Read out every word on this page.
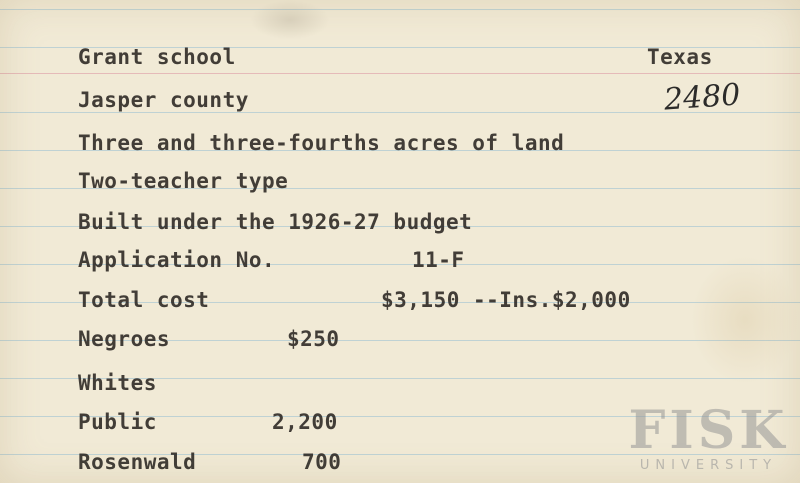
Grant school	Texas
Jasper county	2480
Three and three-fourths acres of land
Two-teacher type
Built under the 1926-27 budget
Application No.	11-F
Total cost	$3,150 --Ins.$2,000
Negroes	$250
Whites
Public	2,200
Rosenwald	700
FISK
UNIVERSITY
